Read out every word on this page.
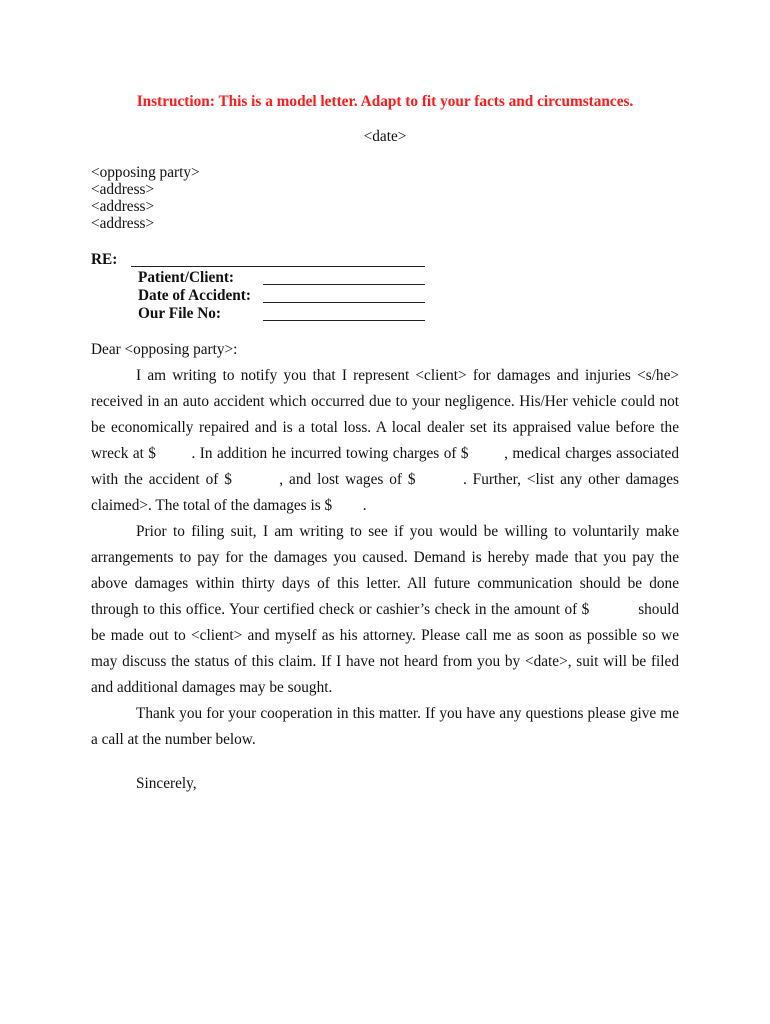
Instruction: This is a model letter. Adapt to fit your facts and circumstances.
<date>
<opposing party>
<address>
<address>
<address>
RE:
Patient/Client:
Date of Accident:
Our File No:
Dear <opposing party>:
I am writing to notify you that I represent <client> for damages and injuries <s/he>
received in an auto accident which occurred due to your negligence. His/Her vehicle could not
be economically repaired and is a total loss. A local dealer set its appraised value before the
wreck at $        . In addition he incurred towing charges of $        , medical charges associated
with the accident of $        , and lost wages of $        . Further, <list any other damages
claimed>. The total of the damages is $        .
Prior to filing suit, I am writing to see if you would be willing to voluntarily make
arrangements to pay for the damages you caused. Demand is hereby made that you pay the
above damages within thirty days of this letter. All future communication should be done
through to this office. Your certified check or cashier’s check in the amount of $           should
be made out to <client> and myself as his attorney. Please call me as soon as possible so we
may discuss the status of this claim. If I have not heard from you by <date>, suit will be filed
and additional damages may be sought.
Thank you for your cooperation in this matter. If you have any questions please give me
a call at the number below.
Sincerely,
